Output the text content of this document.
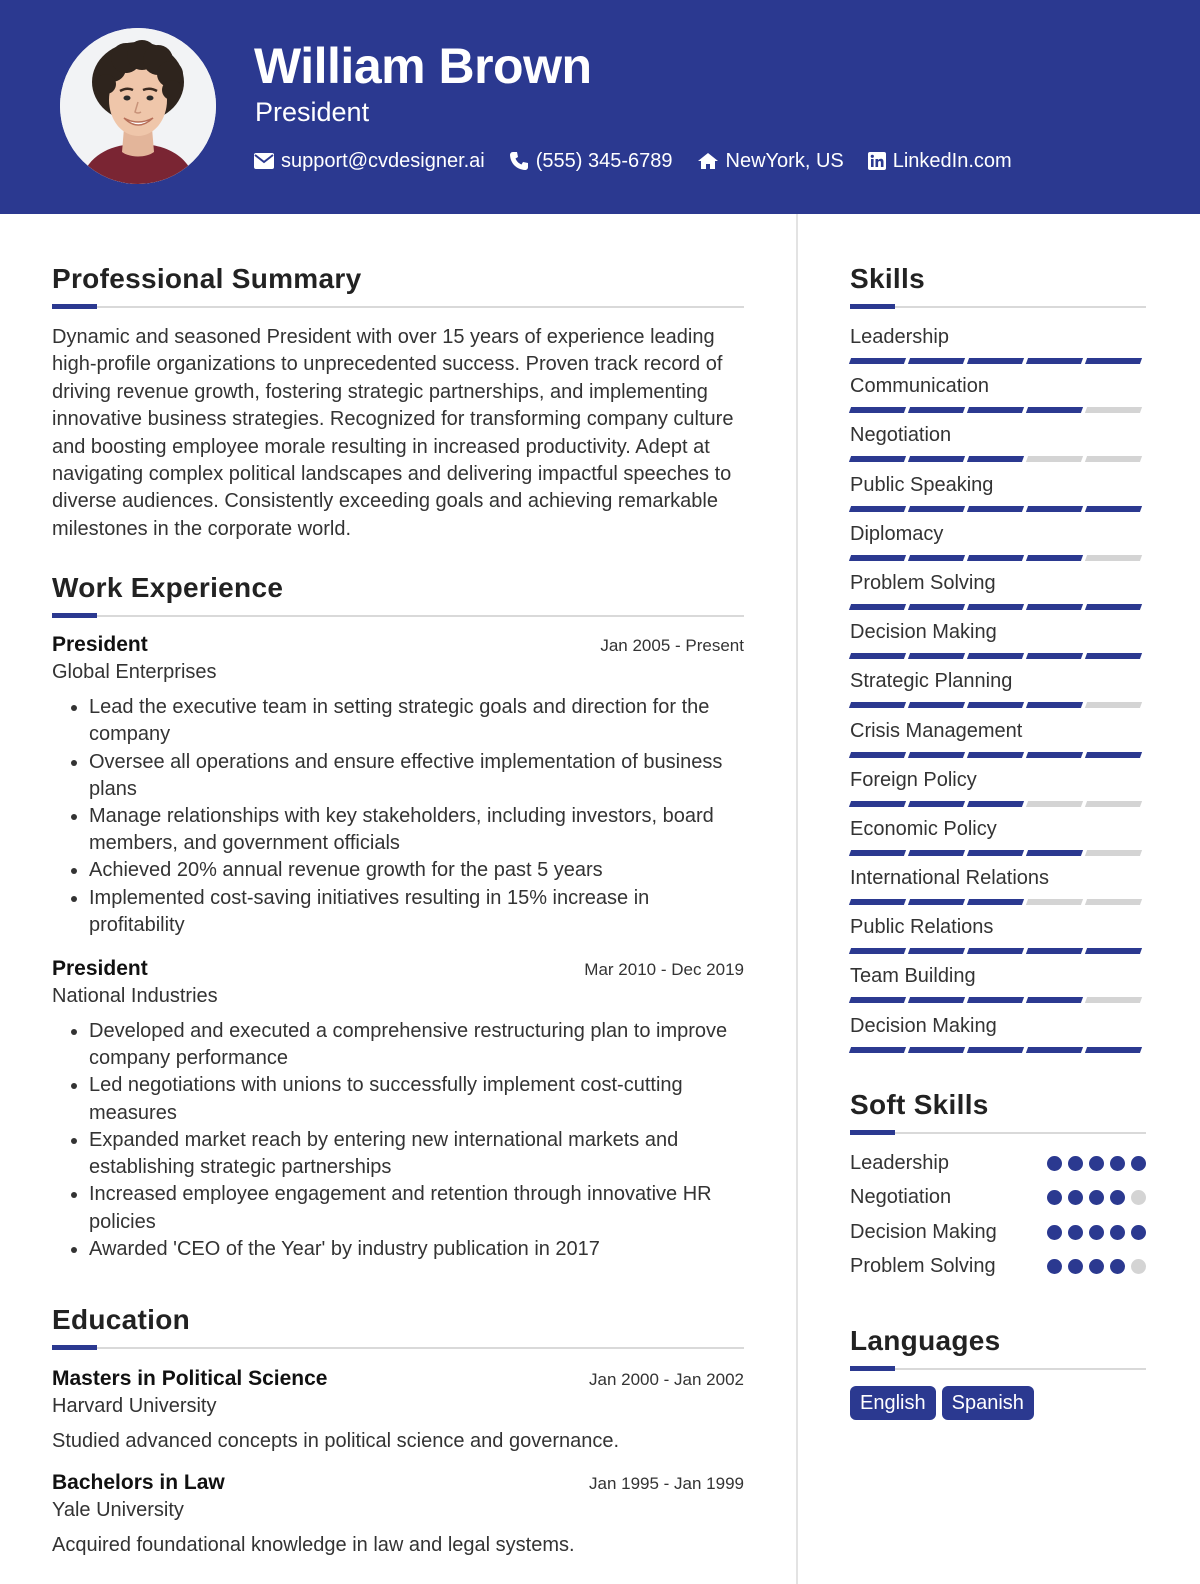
William Brown
President
support@cvdesigner.ai	(555) 345-6789	NewYork, US LinkedIn.com
Professional Summary

Dynamic and seasoned President with over 15 years of experience leading high-profile organizations to unprecedented success. Proven track record of driving revenue growth, fostering strategic partnerships, and implementing innovative business strategies. Recognized for transforming company culture and boosting employee morale resulting in increased productivity. Adept at navigating complex political landscapes and delivering impactful speeches to diverse audiences. Consistently exceeding goals and achieving remarkable milestones in the corporate world.

Work Experience
President	Jan 2005 - Present
Global Enterprises
• Lead the executive team in setting strategic goals and direction for the company
• Oversee all operations and ensure effective implementation of business plans
• Manage relationships with key stakeholders, including investors, board members, and government officials
• Achieved 20% annual revenue growth for the past 5 years
• Implemented cost-saving initiatives resulting in 15% increase in profitability
President	Mar 2010 - Dec 2019
National Industries
• Developed and executed a comprehensive restructuring plan to improve company performance
• Led negotiations with unions to successfully implement cost-cutting measures
• Expanded market reach by entering new international markets and establishing strategic partnerships
• Increased employee engagement and retention through innovative HR policies
• Awarded 'CEO of the Year' by industry publication in 2017
Education
Masters in Political Science	Jan 2000 - Jan 2002
Harvard University
Studied advanced concepts in political science and governance.
Bachelors in Law	Jan 1995 - Jan 1999
Yale University
Acquired foundational knowledge in law and legal systems.
Skills
Leadership
Communication
Negotiation
Public Speaking
Diplomacy
Problem Solving
Decision Making
Strategic Planning
Crisis Management
Foreign Policy
Economic Policy
International Relations
Public Relations
Team Building
Decision Making
Soft Skills
Leadership
Negotiation
Decision Making
Problem Solving
Languages
English	Spanish
